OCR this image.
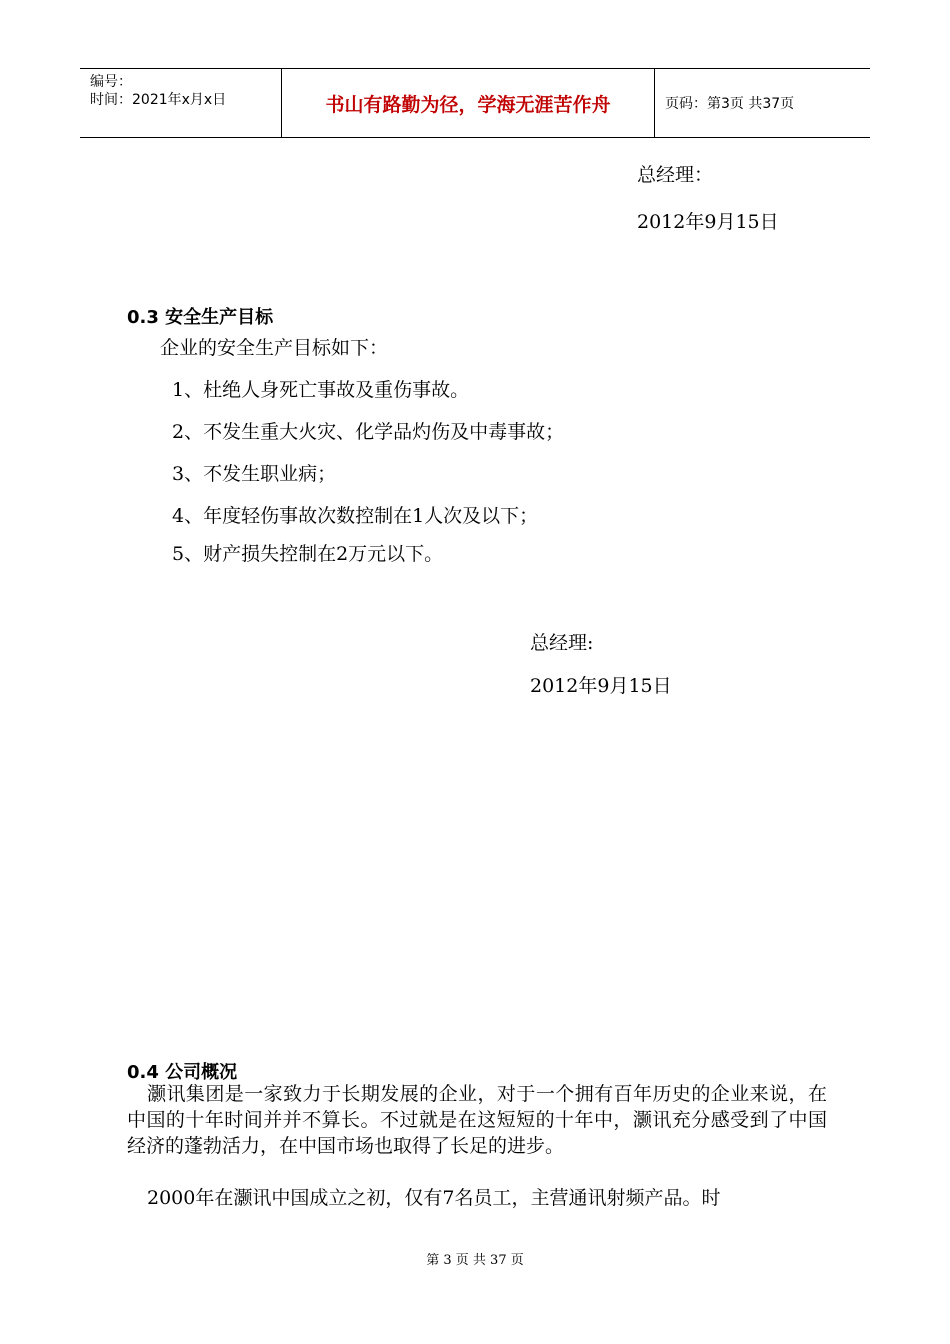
编号：
时间：2021年x月x日	书山有路勤为径，学海无涯苦作舟	页码：第3页 共37页
总经理：
2012年9月15日
0.3 安全生产目标
企业的安全生产目标如下：
1、杜绝人身死亡事故及重伤事故。
2、不发生重大火灾、化学品灼伤及中毒事故；
3、不发生职业病；
4、年度轻伤事故次数控制在1人次及以下；
5、财产损失控制在2万元以下。
总经理:
2012年9月15日
0.4 公司概况
灏讯集团是一家致力于长期发展的企业，对于一个拥有百年历史的企业来说，在中国的十年时间并并不算长。不过就是在这短短的十年中，灏讯充分感受到了中国经济的蓬勃活力，在中国市场也取得了长足的进步。
2000年在灏讯中国成立之初，仅有7名员工，主营通讯射频产品。时
第 3 页 共 37 页
